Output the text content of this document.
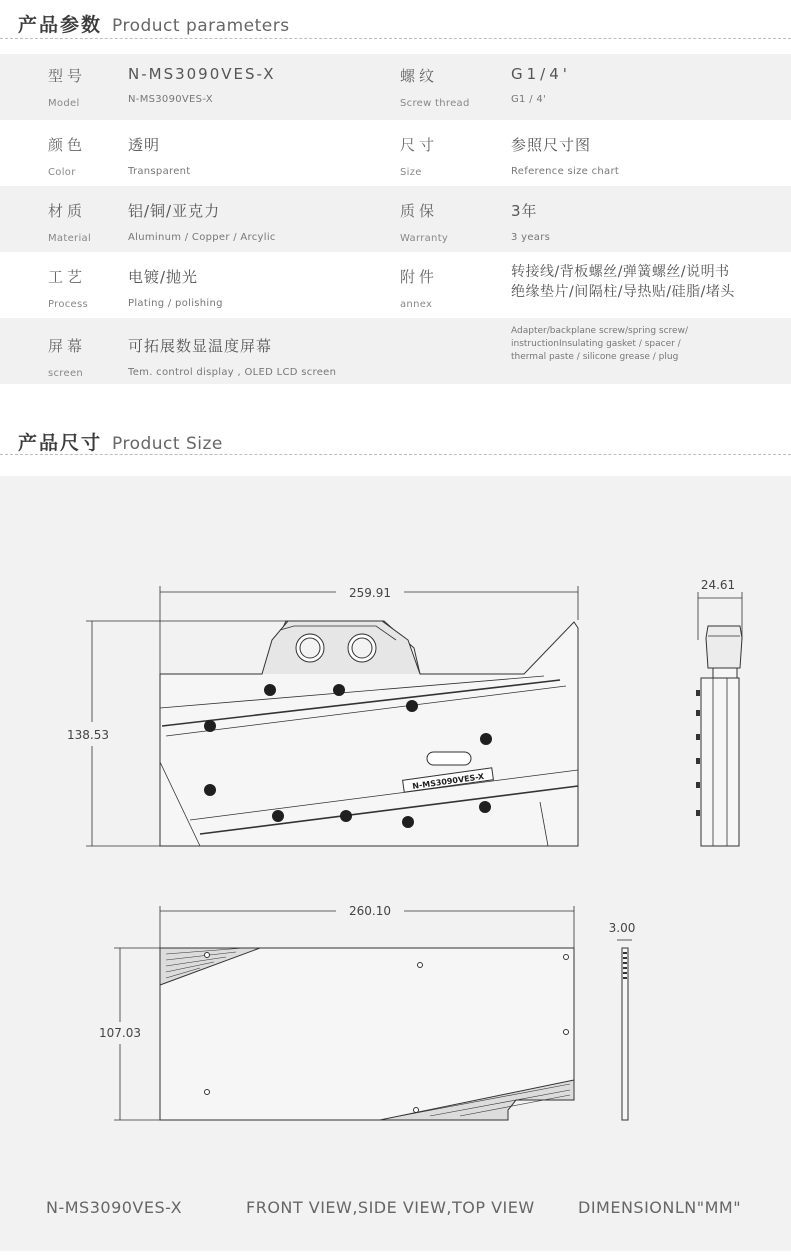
产品参数 Product parameters
型号
Model
N-MS3090VES-X
N-MS3090VES-X
螺纹
Screw thread
G1/4'
G1 / 4'
颜色
Color
透明
Transparent
尺寸
Size
参照尺寸图
Reference size chart
材质
Material
铝/铜/亚克力
Aluminum / Copper / Arcylic
质保
Warranty
3年
3 years
工艺
Process
电镀/抛光
Plating / polishing
附件
annex
转接线/背板螺丝/弹簧螺丝/说明书
绝缘垫片/间隔柱/导热贴/硅脂/堵头
屏幕
screen
可拓展数显温度屏幕
Tem. control display , OLED LCD screen
Adapter/backplane screw/spring screw/
instructionInsulating gasket / spacer /
thermal paste / silicone grease / plug
产品尺寸 Product Size
259.91
138.53
N-MS3090VES-X
24.61
260.10
107.03
3.00
N-MS3090VES-X	FRONT VIEW,SIDE VIEW,TOP VIEW	DIMENSIONLN"MM"
